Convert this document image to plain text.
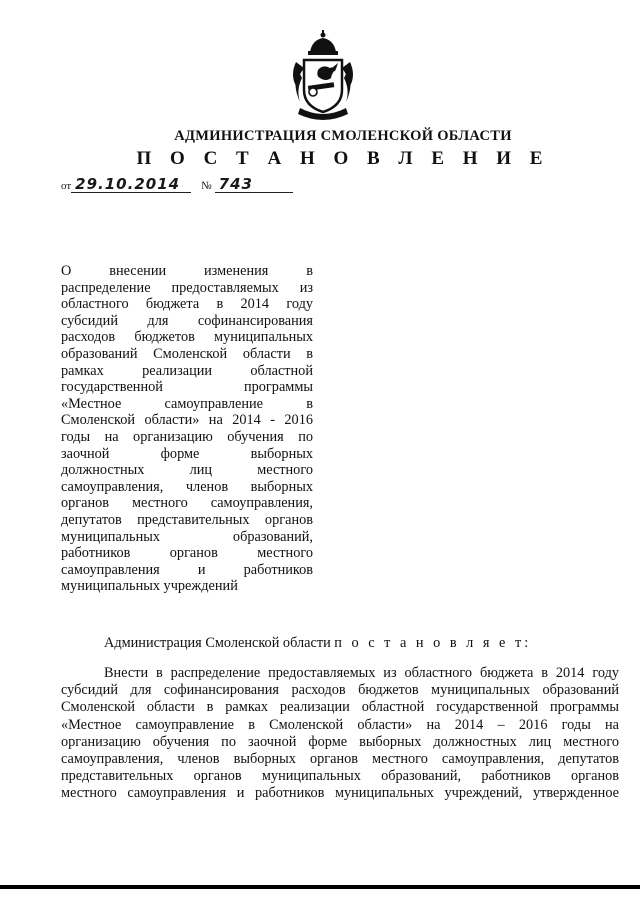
АДМИНИСТРАЦИЯ СМОЛЕНСКОЙ ОБЛАСТИ
П О С Т А Н О В Л Е Н И Е
от 29.10.2014 № 743
О внесении изменения в
распределение предоставляемых из
областного бюджета в 2014 году
субсидий для софинансирования
расходов бюджетов муниципальных
образований Смоленской области в
рамках реализации областной
государственной программы
«Местное самоуправление в
Смоленской области» на 2014 - 2016
годы на организацию обучения по
заочной форме выборных
должностных лиц местного
самоуправления, членов выборных
органов местного самоуправления,
депутатов представительных органов
муниципальных образований,
работников органов местного
самоуправления и работников
муниципальных учреждений
Администрация Смоленской области п о с т а н о в л я е т:
Внести в распределение предоставляемых из областного бюджета в 2014 году
субсидий для софинансирования расходов бюджетов муниципальных образований
Смоленской области в рамках реализации областной государственной программы
«Местное самоуправление в Смоленской области» на 2014 – 2016 годы на
организацию обучения по заочной форме выборных должностных лиц местного
самоуправления, членов выборных органов местного самоуправления, депутатов
представительных органов муниципальных образований, работников органов
местного самоуправления и работников муниципальных учреждений, утвержденное
